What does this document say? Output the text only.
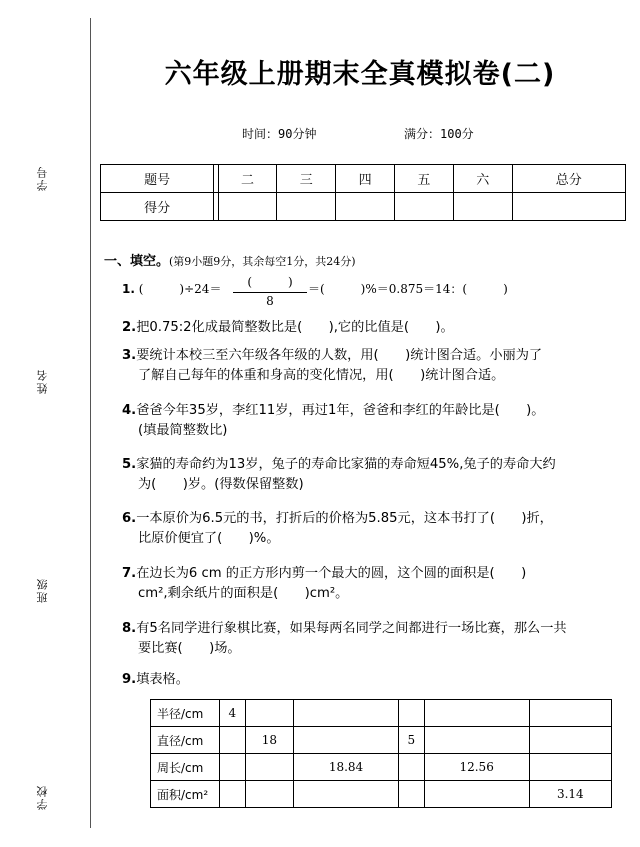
学号
姓名
班级
学校
六年级上册期末全真模拟卷(二)
时间：90分钟	满分：100分
题号		二	三	四	五	六	总分
得分							
一、填空。(第9小题9分，其余每空1分，共24分)
1. (　　　)÷24＝	(　　　)
8
＝(　　　)%＝0.875＝14：(　　　)
2.把0.75:2化成最简整数比是(　　),它的比值是(　　)。
3.要统计本校三至六年级各年级的人数，用(　　)统计图合适。小丽为了
了解自己每年的体重和身高的变化情况，用(　　)统计图合适。
4.爸爸今年35岁，李红11岁，再过1年，爸爸和李红的年龄比是(　　)。
(填最简整数比)
5.家猫的寿命约为13岁，兔子的寿命比家猫的寿命短45%,兔子的寿命大约
为(　　)岁。(得数保留整数)
6.一本原价为6.5元的书，打折后的价格为5.85元，这本书打了(　　)折，
比原价便宜了(　　)%。
7.在边长为6 cm 的正方形内剪一个最大的圆，这个圆的面积是(　　)
cm²,剩余纸片的面积是(　　)cm²。
8.有5名同学进行象棋比赛，如果每两名同学之间都进行一场比赛，那么一共
要比赛(　　)场。
9.填表格。
半径/cm	4					
直径/cm		18		5		
周长/cm			18.84		12.56	
面积/cm²						3.14
